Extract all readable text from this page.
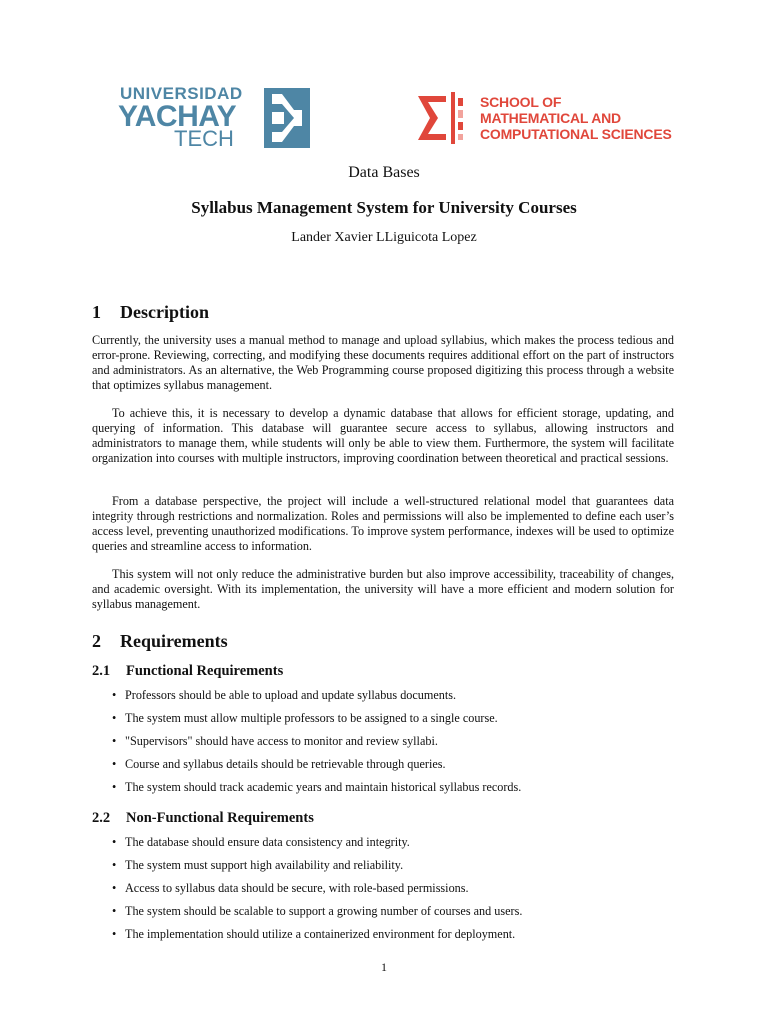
UNIVERSIDAD
YACHAY
TECH
SCHOOL OF
MATHEMATICAL AND
COMPUTATIONAL SCIENCES
Data Bases
Syllabus Management System for University Courses
Lander Xavier LLiguicota Lopez
1 Description

Currently, the university uses a manual method to manage and upload syllabius, which makes the process tedious and error-prone. Reviewing, correcting, and modifying these documents requires additional effort on the part of instructors and administrators. As an alternative, the Web Programming course proposed digitizing this process through a website that optimizes syllabus management.

To achieve this, it is necessary to develop a dynamic database that allows for efficient storage, updating, and querying of information. This database will guarantee secure access to syllabus, allowing instructors and administrators to manage them, while students will only be able to view them. Furthermore, the system will facilitate organization into courses with multiple instructors, improving coordination between theoretical and practical sessions.

From a database perspective, the project will include a well-structured relational model that guarantees data integrity through restrictions and normalization. Roles and permissions will also be implemented to define each user’s access level, preventing unauthorized modifications. To improve system performance, indexes will be used to optimize queries and streamline access to information.

This system will not only reduce the administrative burden but also improve accessibility, traceability of changes, and academic oversight. With its implementation, the university will have a more efficient and modern solution for syllabus management.

2 Requirements
2.1 Functional Requirements
• Professors should be able to upload and update syllabus documents.
• The system must allow multiple professors to be assigned to a single course.
• "Supervisors" should have access to monitor and review syllabi.
• Course and syllabus details should be retrievable through queries.
• The system should track academic years and maintain historical syllabus records.
2.2 Non-Functional Requirements
• The database should ensure data consistency and integrity.
• The system must support high availability and reliability.
• Access to syllabus data should be secure, with role-based permissions.
• The system should be scalable to support a growing number of courses and users.
• The implementation should utilize a containerized environment for deployment.
1
